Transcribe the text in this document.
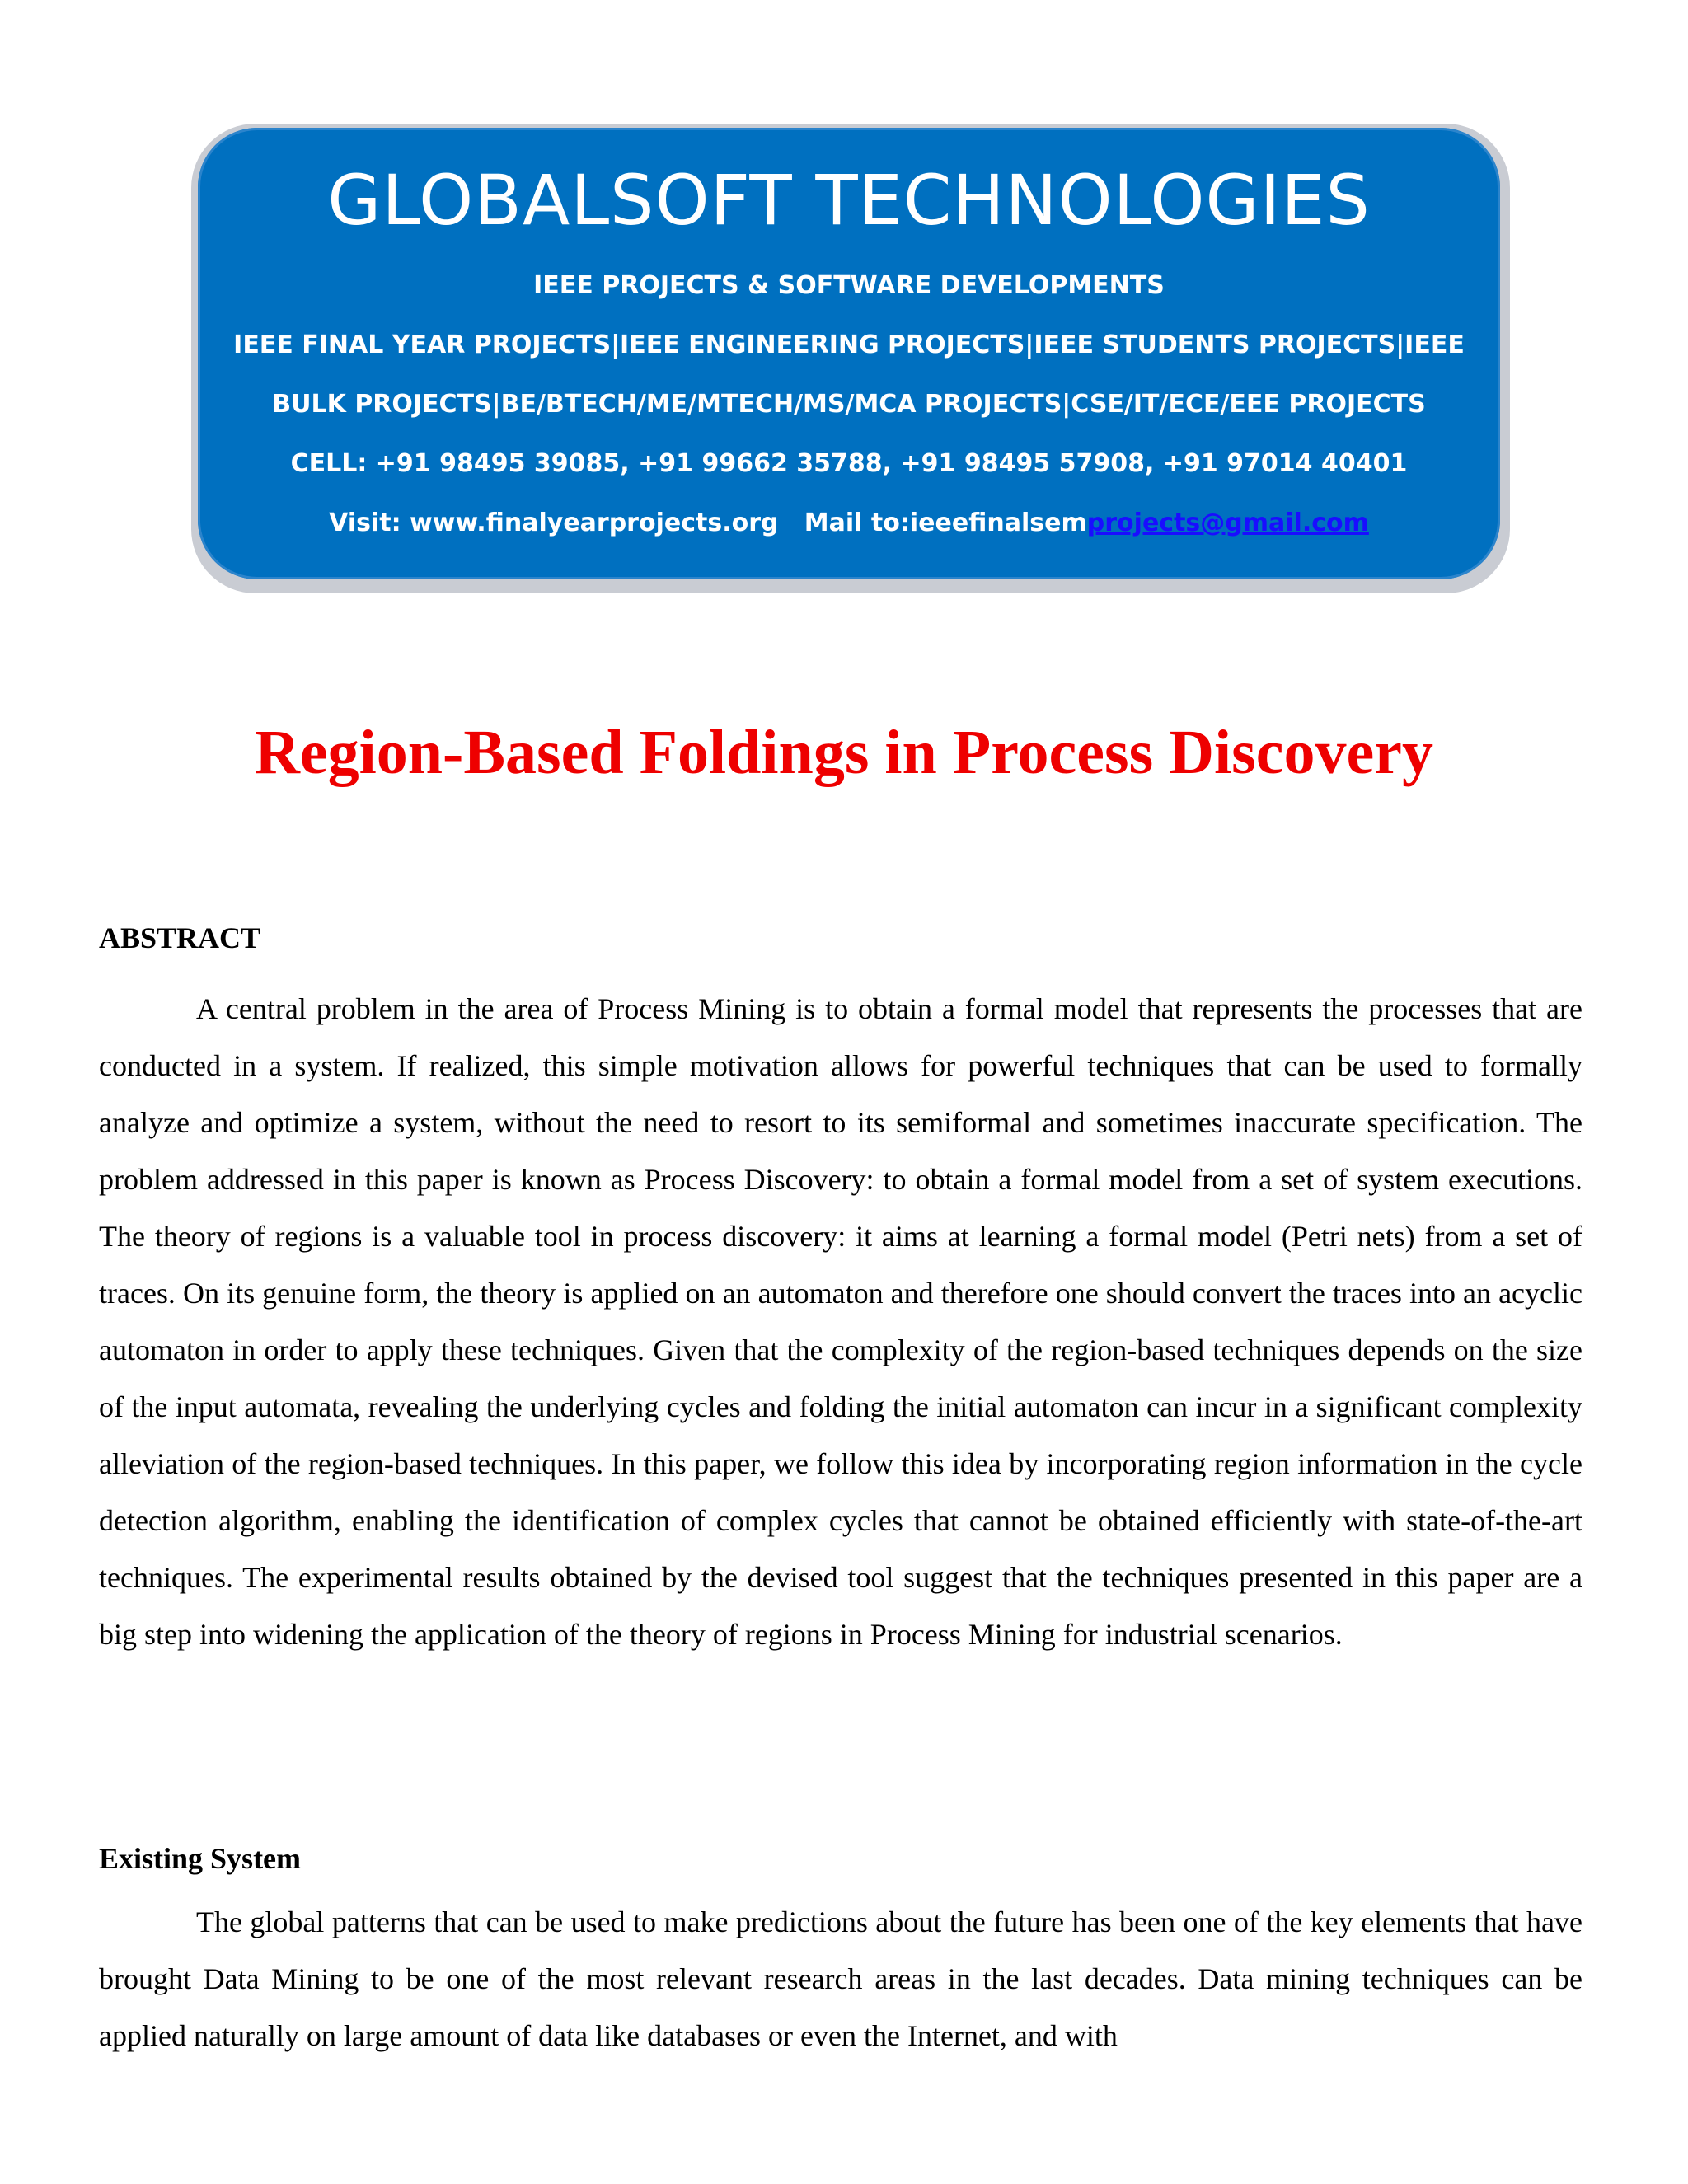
GLOBALSOFT TECHNOLOGIES
IEEE PROJECTS & SOFTWARE DEVELOPMENTS
IEEE FINAL YEAR PROJECTS|IEEE ENGINEERING PROJECTS|IEEE STUDENTS PROJECTS|IEEE
BULK PROJECTS|BE/BTECH/ME/MTECH/MS/MCA PROJECTS|CSE/IT/ECE/EEE PROJECTS
CELL: +91 98495 39085, +91 99662 35788, +91 98495 57908, +91 97014 40401
Visit: www.finalyearprojects.org   Mail to:ieeefinalsemprojects@gmail.com
Region-Based Foldings in Process Discovery
ABSTRACT

A central problem in the area of Process Mining is to obtain a formal model that represents the processes that are conducted in a system. If realized, this simple motivation allows for powerful techniques that can be used to formally analyze and optimize a system, without the need to resort to its semiformal and sometimes inaccurate specification. The problem addressed in this paper is known as Process Discovery: to obtain a formal model from a set of system executions. The theory of regions is a valuable tool in process discovery: it aims at learning a formal model (Petri nets) from a set of traces. On its genuine form, the theory is applied on an automaton and therefore one should convert the traces into an acyclic automaton in order to apply these techniques. Given that the complexity of the region-based techniques depends on the size of the input automata, revealing the underlying cycles and folding the initial automaton can incur in a significant complexity alleviation of the region-based techniques. In this paper, we follow this idea by incorporating region information in the cycle detection algorithm, enabling the identification of complex cycles that cannot be obtained efficiently with state-of-the-art techniques. The experimental results obtained by the devised tool suggest that the techniques presented in this paper are a big step into widening the application of the theory of regions in Process Mining for industrial scenarios.

Existing System

The global patterns that can be used to make predictions about the future has been one of the key elements that have brought Data Mining to be one of the most relevant research areas in the last decades. Data mining techniques can be applied naturally on large amount of data like databases or even the Internet, and with
